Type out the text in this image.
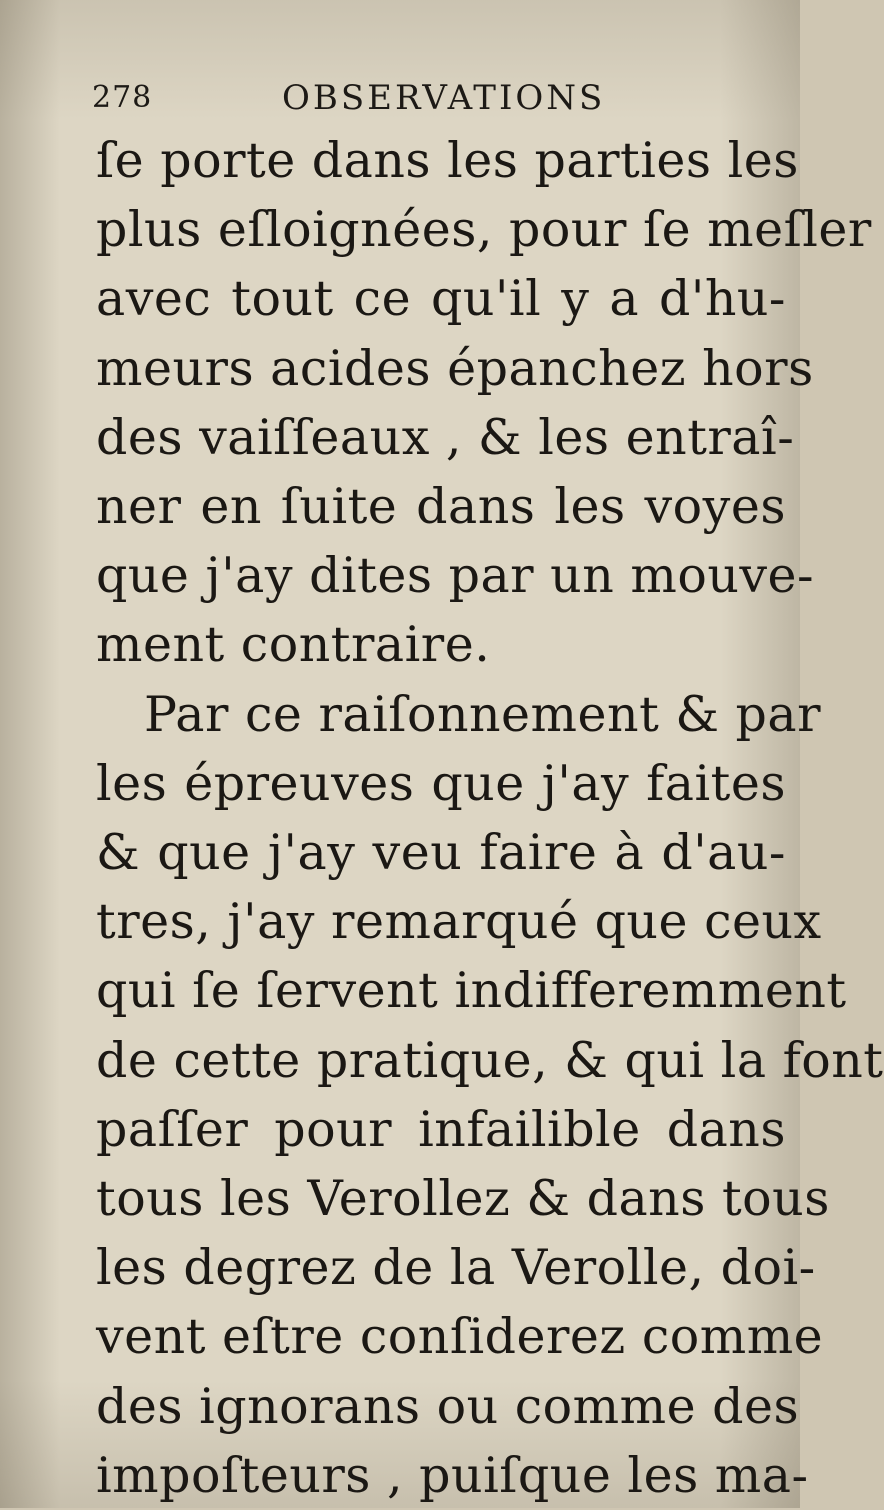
278	OBSERVATIONS
ſe porte dans les parties les
plus eſloignées, pour ſe meſler
avec tout ce qu'il y a d'hu-
meurs acides épanchez hors
des vaiſſeaux , & les entraî-
ner en ſuite dans les voyes
que j'ay dites par un mouve-
ment contraire.
Par ce raiſonnement & par
les épreuves que j'ay faites
& que j'ay veu faire à d'au-
tres, j'ay remarqué que ceux
qui ſe ſervent indifferemment
de cette pratique, & qui la font
paſſer pour infailible dans
tous les Verollez & dans tous
les degrez de la Verolle, doi-
vent eſtre conſiderez comme
des ignorans ou comme des
impoſteurs , puiſque les ma-
